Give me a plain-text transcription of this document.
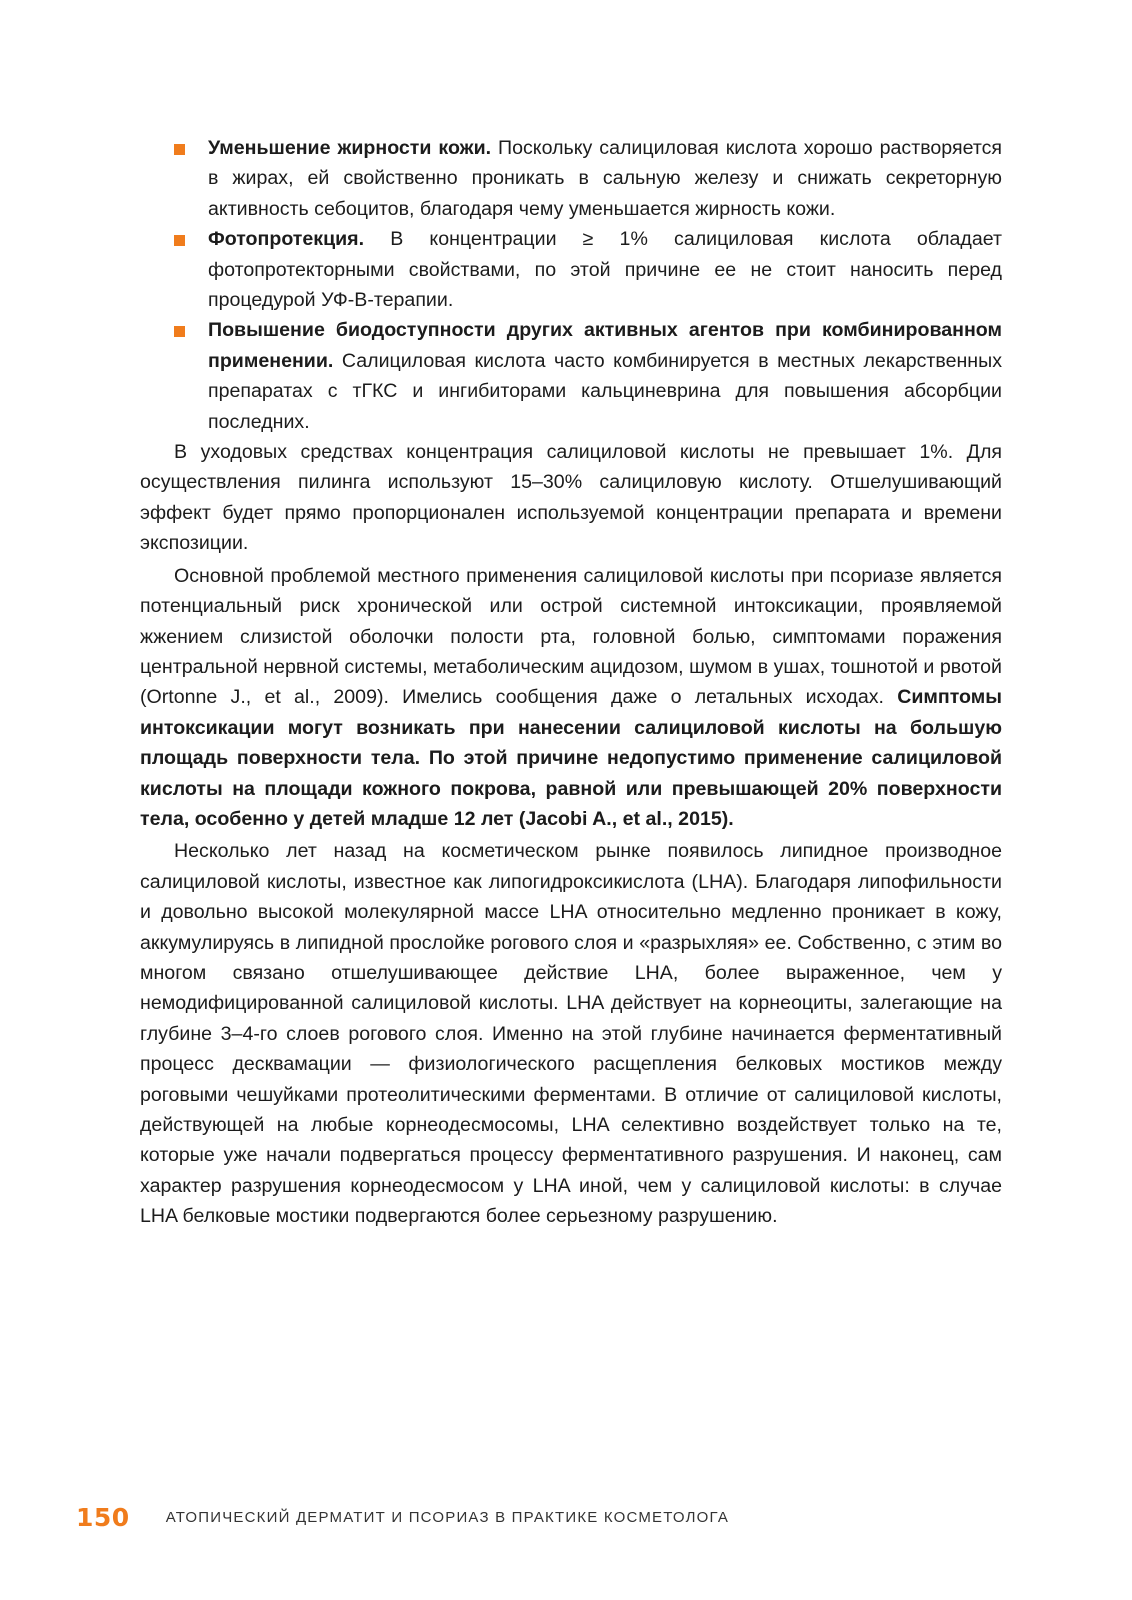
Уменьшение жирности кожи. Поскольку салициловая кислота хорошо растворяется в жирах, ей свойственно проникать в сальную железу и снижать секреторную активность себоцитов, благодаря чему уменьшается жирность кожи.
Фотопротекция. В концентрации ≥ 1% салициловая кислота обладает фотопротекторными свойствами, по этой причине ее не стоит наносить перед процедурой УФ-В-терапии.
Повышение биодоступности других активных агентов при комбинированном применении. Салициловая кислота часто комбинируется в местных лекарственных препаратах с тГКС и ингибиторами кальциневрина для повышения абсорбции последних.

В уходовых средствах концентрация салициловой кислоты не превышает 1%. Для осуществления пилинга используют 15–30% салициловую кислоту. Отшелушивающий эффект будет прямо пропорционален используемой концентрации препарата и времени экспозиции.

Основной проблемой местного применения салициловой кислоты при псориазе является потенциальный риск хронической или острой системной интоксикации, проявляемой жжением слизистой оболочки полости рта, головной болью, симптомами поражения центральной нервной системы, метаболическим ацидозом, шумом в ушах, тошнотой и рвотой (Ortonne J., et al., 2009). Имелись сообщения даже о летальных исходах. Симптомы интоксикации могут возникать при нанесении салициловой кислоты на большую площадь поверхности тела. По этой причине недопустимо применение салициловой кислоты на площади кожного покрова, равной или превышающей 20% поверхности тела, особенно у детей младше 12 лет (Jacobi A., et al., 2015).

Несколько лет назад на косметическом рынке появилось липидное производное салициловой кислоты, известное как липогидроксикислота (LHA). Благодаря липофильности и довольно высокой молекулярной массе LHA относительно медленно проникает в кожу, аккумулируясь в липидной прослойке рогового слоя и «разрыхляя» ее. Собственно, с этим во многом связано отшелушивающее действие LHA, более выраженное, чем у немодифицированной салициловой кислоты. LHA действует на корнеоциты, залегающие на глубине 3–4-го слоев рогового слоя. Именно на этой глубине начинается ферментативный процесс десквамации — физиологического расщепления белковых мостиков между роговыми чешуйками протеолитическими ферментами. В отличие от салициловой кислоты, действующей на любые корнеодесмосомы, LHA селективно воздействует только на те, которые уже начали подвергаться процессу ферментативного разрушения. И наконец, сам характер разрушения корнеодесмосом у LHA иной, чем у салициловой кислоты: в случае LHA белковые мостики подвергаются более серьезному разрушению.

150 АТОПИЧЕСКИЙ ДЕРМАТИТ И ПСОРИАЗ В ПРАКТИКЕ КОСМЕТОЛОГА
